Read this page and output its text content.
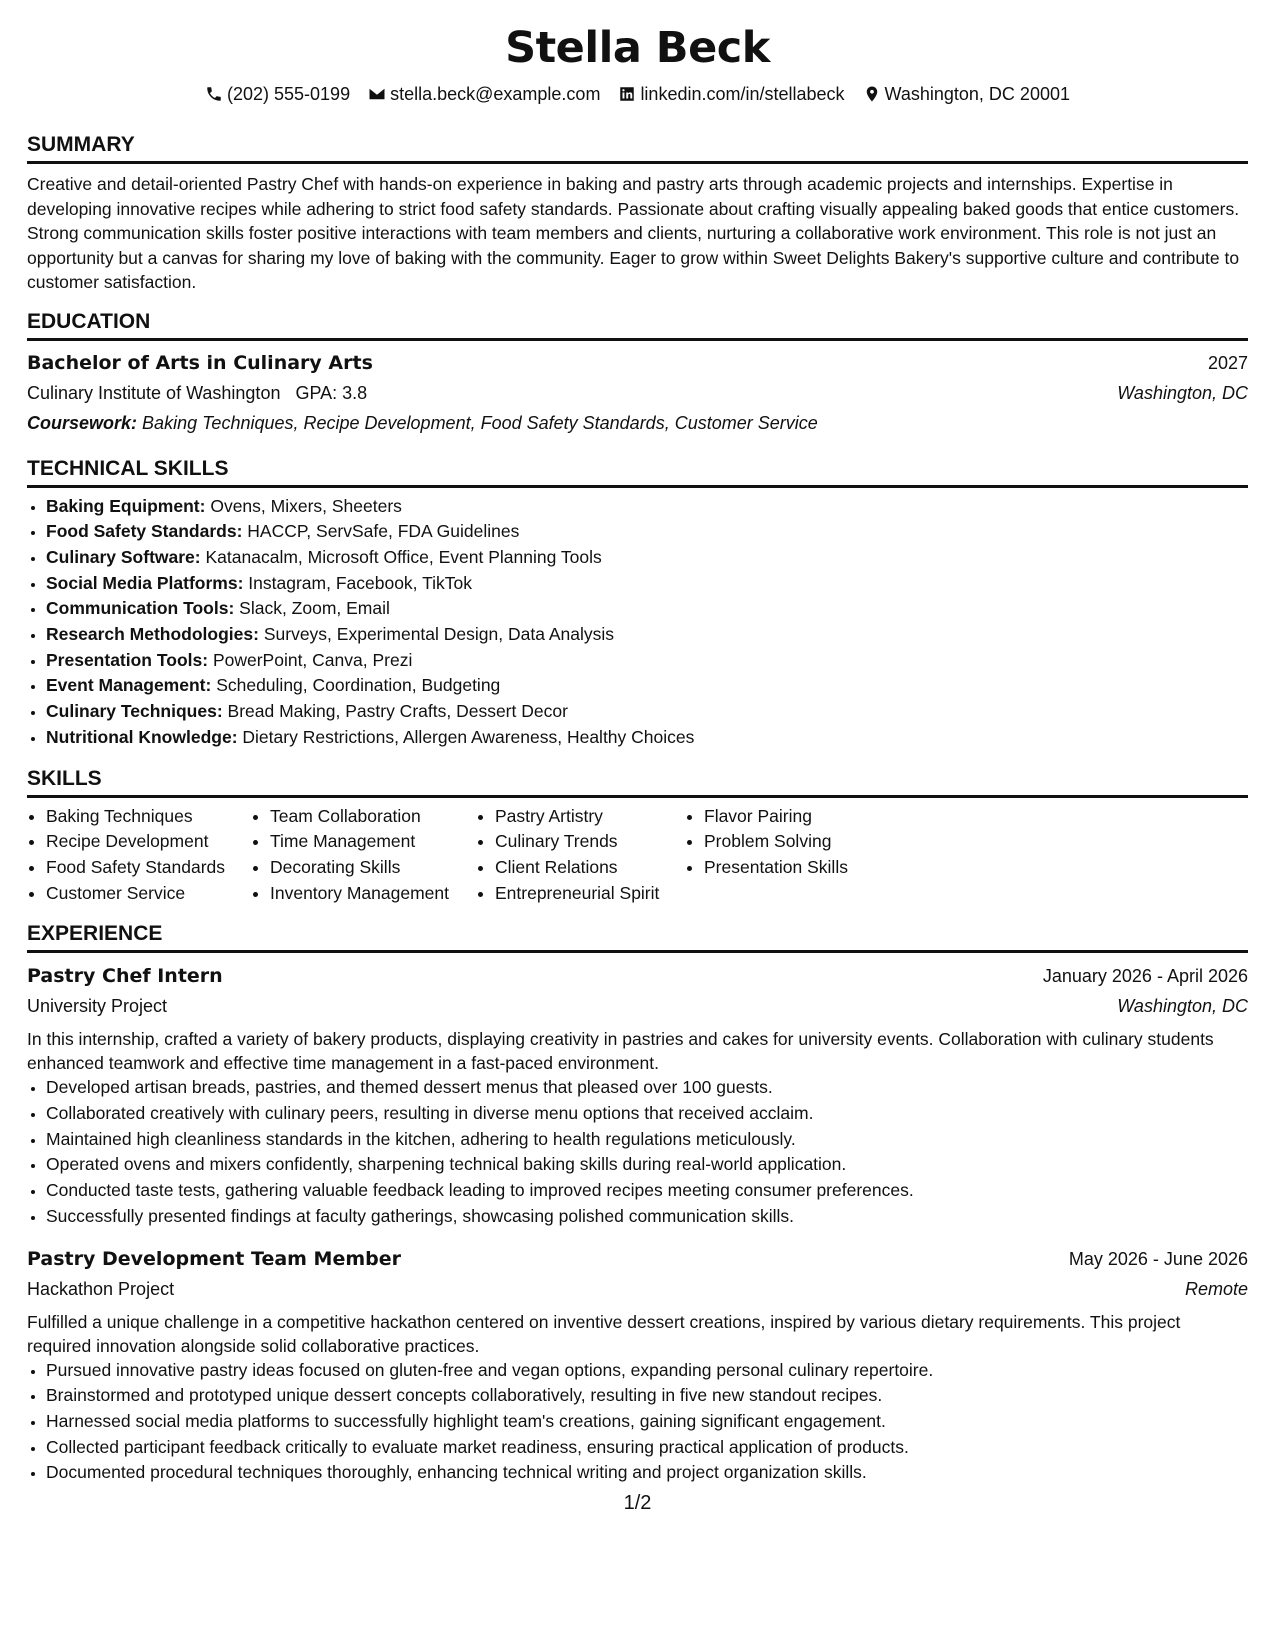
Stella Beck
(202) 555-0199 stella.beck@example.com linkedin.com/in/stellabeck Washington, DC 20001
SUMMARY

Creative and detail-oriented Pastry Chef with hands-on experience in baking and pastry arts through academic projects and internships. Expertise in developing innovative recipes while adhering to strict food safety standards. Passionate about crafting visually appealing baked goods that entice customers. Strong communication skills foster positive interactions with team members and clients, nurturing a collaborative work environment. This role is not just an opportunity but a canvas for sharing my love of baking with the community. Eager to grow within Sweet Delights Bakery's supportive culture and contribute to customer satisfaction.

EDUCATION
Bachelor of Arts in Culinary Arts	2027
Culinary Institute of Washington GPA: 3.8	Washington, DC
Coursework: Baking Techniques, Recipe Development, Food Safety Standards, Customer Service
TECHNICAL SKILLS
• Baking Equipment: Ovens, Mixers, Sheeters
• Food Safety Standards: HACCP, ServSafe, FDA Guidelines
• Culinary Software: Katanacalm, Microsoft Office, Event Planning Tools
• Social Media Platforms: Instagram, Facebook, TikTok
• Communication Tools: Slack, Zoom, Email
• Research Methodologies: Surveys, Experimental Design, Data Analysis
• Presentation Tools: PowerPoint, Canva, Prezi
• Event Management: Scheduling, Coordination, Budgeting
• Culinary Techniques: Bread Making, Pastry Crafts, Dessert Decor
• Nutritional Knowledge: Dietary Restrictions, Allergen Awareness, Healthy Choices
SKILLS
• Baking Techniques
• Recipe Development
• Food Safety Standards
• Customer Service
• Team Collaboration
• Time Management
• Decorating Skills
• Inventory Management
• Pastry Artistry
• Culinary Trends
• Client Relations
• Entrepreneurial Spirit
• Flavor Pairing
• Problem Solving
• Presentation Skills
EXPERIENCE
Pastry Chef Intern	January 2026 - April 2026
University Project	Washington, DC

In this internship, crafted a variety of bakery products, displaying creativity in pastries and cakes for university events. Collaboration with culinary students enhanced teamwork and effective time management in a fast-paced environment.

• Developed artisan breads, pastries, and themed dessert menus that pleased over 100 guests.
• Collaborated creatively with culinary peers, resulting in diverse menu options that received acclaim.
• Maintained high cleanliness standards in the kitchen, adhering to health regulations meticulously.
• Operated ovens and mixers confidently, sharpening technical baking skills during real-world application.
• Conducted taste tests, gathering valuable feedback leading to improved recipes meeting consumer preferences.
• Successfully presented findings at faculty gatherings, showcasing polished communication skills.
Pastry Development Team Member	May 2026 - June 2026
Hackathon Project	Remote

Fulfilled a unique challenge in a competitive hackathon centered on inventive dessert creations, inspired by various dietary requirements. This project required innovation alongside solid collaborative practices.

• Pursued innovative pastry ideas focused on gluten-free and vegan options, expanding personal culinary repertoire.
• Brainstormed and prototyped unique dessert concepts collaboratively, resulting in five new standout recipes.
• Harnessed social media platforms to successfully highlight team's creations, gaining significant engagement.
• Collected participant feedback critically to evaluate market readiness, ensuring practical application of products.
• Documented procedural techniques thoroughly, enhancing technical writing and project organization skills.
1/2
